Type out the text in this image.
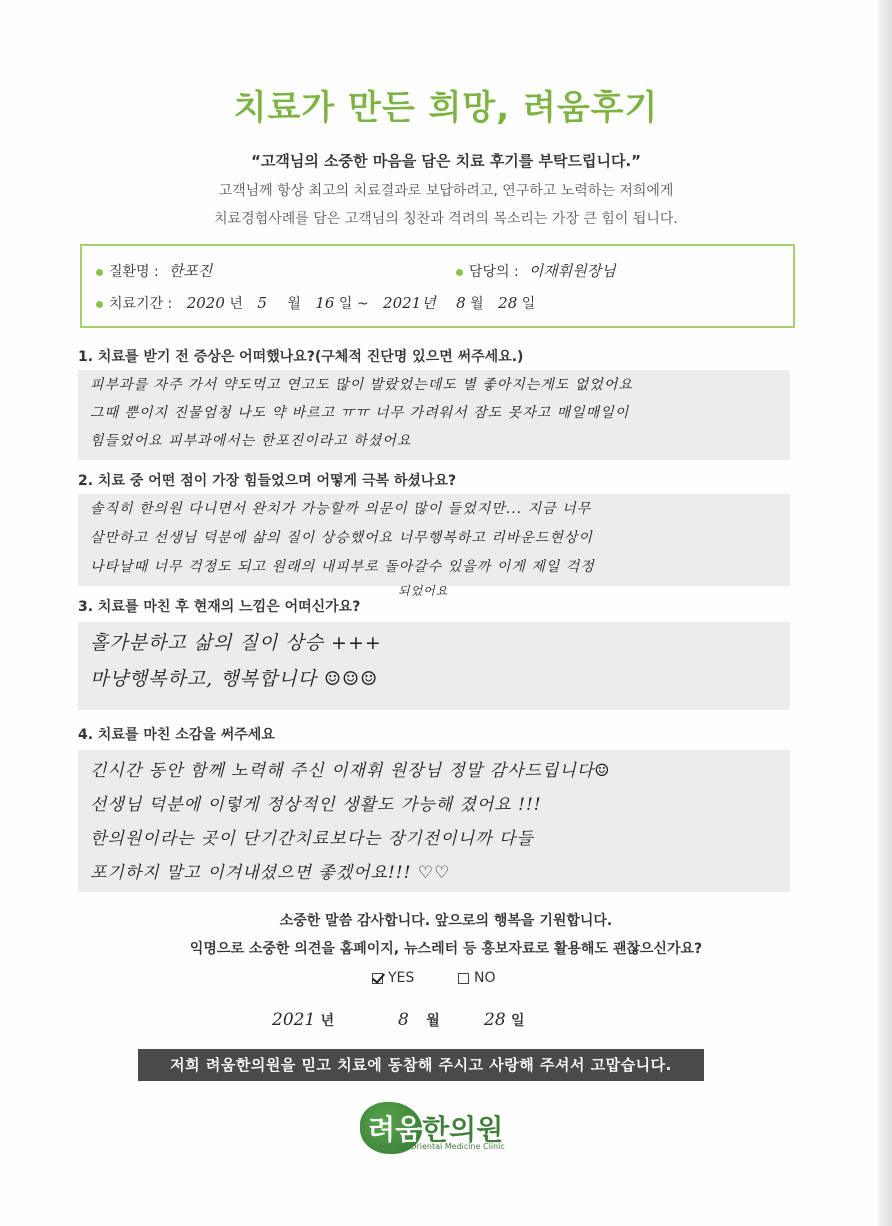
치료가 만든 희망, 려움후기
“고객님의 소중한 마음을 담은 치료 후기를 부탁드립니다.”
고객님께 항상 최고의 치료결과로 보답하려고, 연구하고 노력하는 저희에게
치료경험사례를 담은 고객님의 칭찬과 격려의 목소리는 가장 큰 힘이 됩니다.
질환명 : 한포진	담당의 : 이재휘원장님
치료기간 : 2020 년 5 월 16 일 ~ 2021년 8 월 28 일
1. 치료를 받기 전 증상은 어떠했나요?(구체적 진단명 있으면 써주세요.)
피부과를 자주 가서 약도먹고 연고도 많이 발랐었는데도 별 좋아지는게도 없었어요
그때 뿐이지 진물엄청 나도 약 바르고 ㅠㅠ 너무 가려워서 잠도 못자고 매일매일이
힘들었어요 피부과에서는 한포진이라고 하셨어요
2. 치료 중 어떤 점이 가장 힘들었으며 어떻게 극복 하셨나요?
솔직히 한의원 다니면서 완치가 가능할까 의문이 많이 들었지만... 지금 너무
살만하고 선생님 덕분에 삶의 질이 상승했어요 너무행복하고 리바운드현상이
나타날때 너무 걱정도 되고 원래의 내피부로 돌아갈수 있을까 이게 제일 걱정
되었어요
3. 치료를 마친 후 현재의 느낌은 어떠신가요?
홀가분하고 삶의 질이 상승 +++
마냥행복하고, 행복합니다 ☺☺☺
4. 치료를 마친 소감을 써주세요
긴시간 동안 함께 노력해 주신 이재휘 원장님 정말 감사드립니다☺
선생님 덕분에 이렇게 정상적인 생활도 가능해 졌어요 !!!
한의원이라는 곳이 단기간치료보다는 장기전이니까 다들
포기하지 말고 이겨내셨으면 좋겠어요!!! ♡♡
소중한 말씀 감사합니다. 앞으로의 행복을 기원합니다.
익명으로 소중한 의견을 홈페이지, 뉴스레터 등 홍보자료로 활용해도 괜찮으신가요?
YES	NO
2021 년	8 월	28 일
저희 려움한의원을 믿고 치료에 동참해 주시고 사랑해 주셔서 고맙습니다.
려움한의원
Ryoum Oriental Medicine Clinic
